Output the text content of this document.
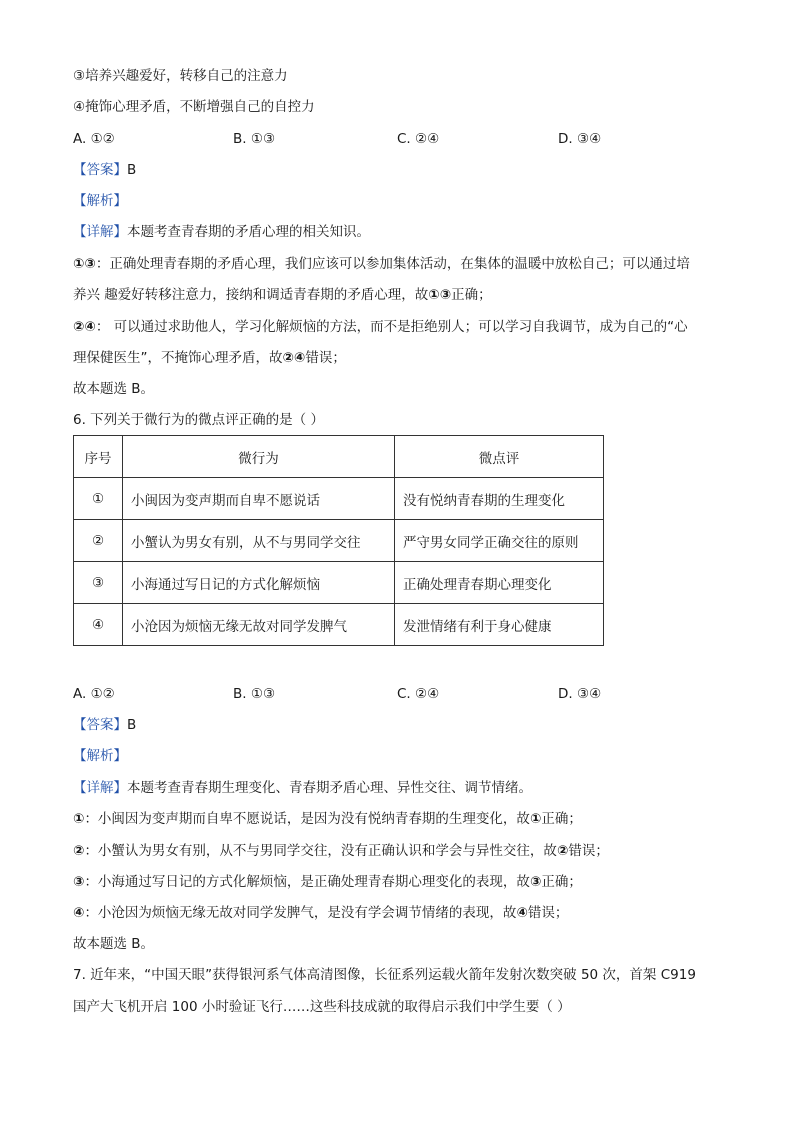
③培养兴趣爱好，转移自己的注意力
④掩饰心理矛盾，不断增强自己的自控力
A. ①②	B. ①③	C. ②④	D. ③④
【答案】B
【解析】
【详解】本题考查青春期的矛盾心理的相关知识。
①③：正确处理青春期的矛盾心理，我们应该可以参加集体活动，在集体的温暖中放松自己；可以通过培
养兴 趣爱好转移注意力，接纳和调适青春期的矛盾心理，故①③正确；
②④： 可以通过求助他人，学习化解烦恼的方法，而不是拒绝别人；可以学习自我调节，成为自己的“心
理保健医生”，不掩饰心理矛盾，故②④错误；
故本题选 B。
6. 下列关于微行为的微点评正确的是（ ）
序号	微行为	微点评
①	小闽因为变声期而自卑不愿说话	没有悦纳青春期的生理变化
②	小蟹认为男女有别，从不与男同学交往	严守男女同学正确交往的原则
③	小海通过写日记的方式化解烦恼	正确处理青春期心理变化
④	小沧因为烦恼无缘无故对同学发脾气	发泄情绪有利于身心健康
A. ①②	B. ①③	C. ②④	D. ③④
【答案】B
【解析】
【详解】本题考查青春期生理变化、青春期矛盾心理、异性交往、调节情绪。
①：小闽因为变声期而自卑不愿说话，是因为没有悦纳青春期的生理变化，故①正确；
②：小蟹认为男女有别，从不与男同学交往，没有正确认识和学会与异性交往，故②错误；
③：小海通过写日记的方式化解烦恼，是正确处理青春期心理变化的表现，故③正确；
④：小沧因为烦恼无缘无故对同学发脾气，是没有学会调节情绪的表现，故④错误；
故本题选 B。
7. 近年来，“中国天眼”获得银河系气体高清图像，长征系列运载火箭年发射次数突破 50 次，首架 C919
国产大飞机开启 100 小时验证飞行……这些科技成就的取得启示我们中学生要（ ）
